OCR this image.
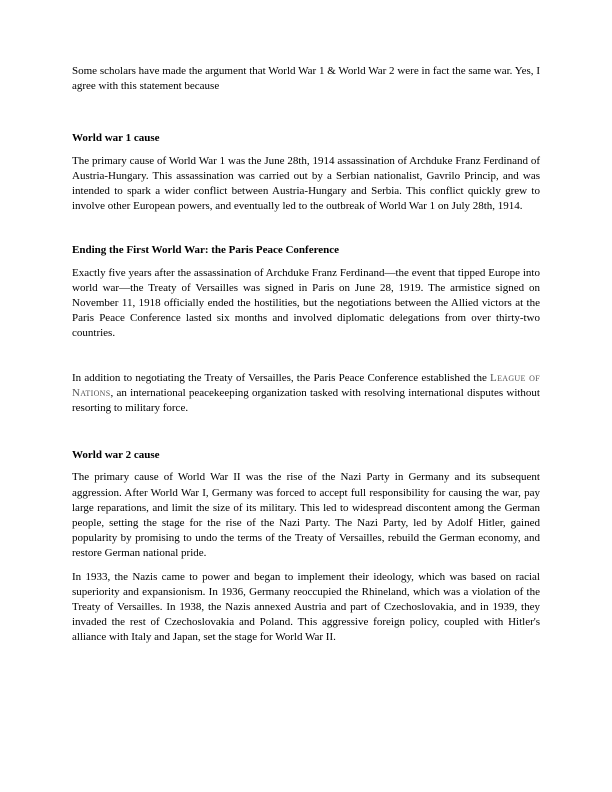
Some scholars have made the argument that World War 1 & World War 2 were in fact the same war. Yes, I agree with this statement because

World war 1 cause

The primary cause of World War 1 was the June 28th, 1914 assassination of Archduke Franz Ferdinand of Austria-Hungary. This assassination was carried out by a Serbian nationalist, Gavrilo Princip, and was intended to spark a wider conflict between Austria-Hungary and Serbia. This conflict quickly grew to involve other European powers, and eventually led to the outbreak of World War 1 on July 28th, 1914.

Ending the First World War: the Paris Peace Conference

Exactly five years after the assassination of Archduke Franz Ferdinand—the event that tipped Europe into world war—the Treaty of Versailles was signed in Paris on June 28, 1919. The armistice signed on November 11, 1918 officially ended the hostilities, but the negotiations between the Allied victors at the Paris Peace Conference lasted six months and involved diplomatic delegations from over thirty-two countries.

In addition to negotiating the Treaty of Versailles, the Paris Peace Conference established the League of Nations, an international peacekeeping organization tasked with resolving international disputes without resorting to military force.

World war 2 cause

The primary cause of World War II was the rise of the Nazi Party in Germany and its subsequent aggression. After World War I, Germany was forced to accept full responsibility for causing the war, pay large reparations, and limit the size of its military. This led to widespread discontent among the German people, setting the stage for the rise of the Nazi Party. The Nazi Party, led by Adolf Hitler, gained popularity by promising to undo the terms of the Treaty of Versailles, rebuild the German economy, and restore German national pride.

In 1933, the Nazis came to power and began to implement their ideology, which was based on racial superiority and expansionism. In 1936, Germany reoccupied the Rhineland, which was a violation of the Treaty of Versailles. In 1938, the Nazis annexed Austria and part of Czechoslovakia, and in 1939, they invaded the rest of Czechoslovakia and Poland. This aggressive foreign policy, coupled with Hitler's alliance with Italy and Japan, set the stage for World War II.
